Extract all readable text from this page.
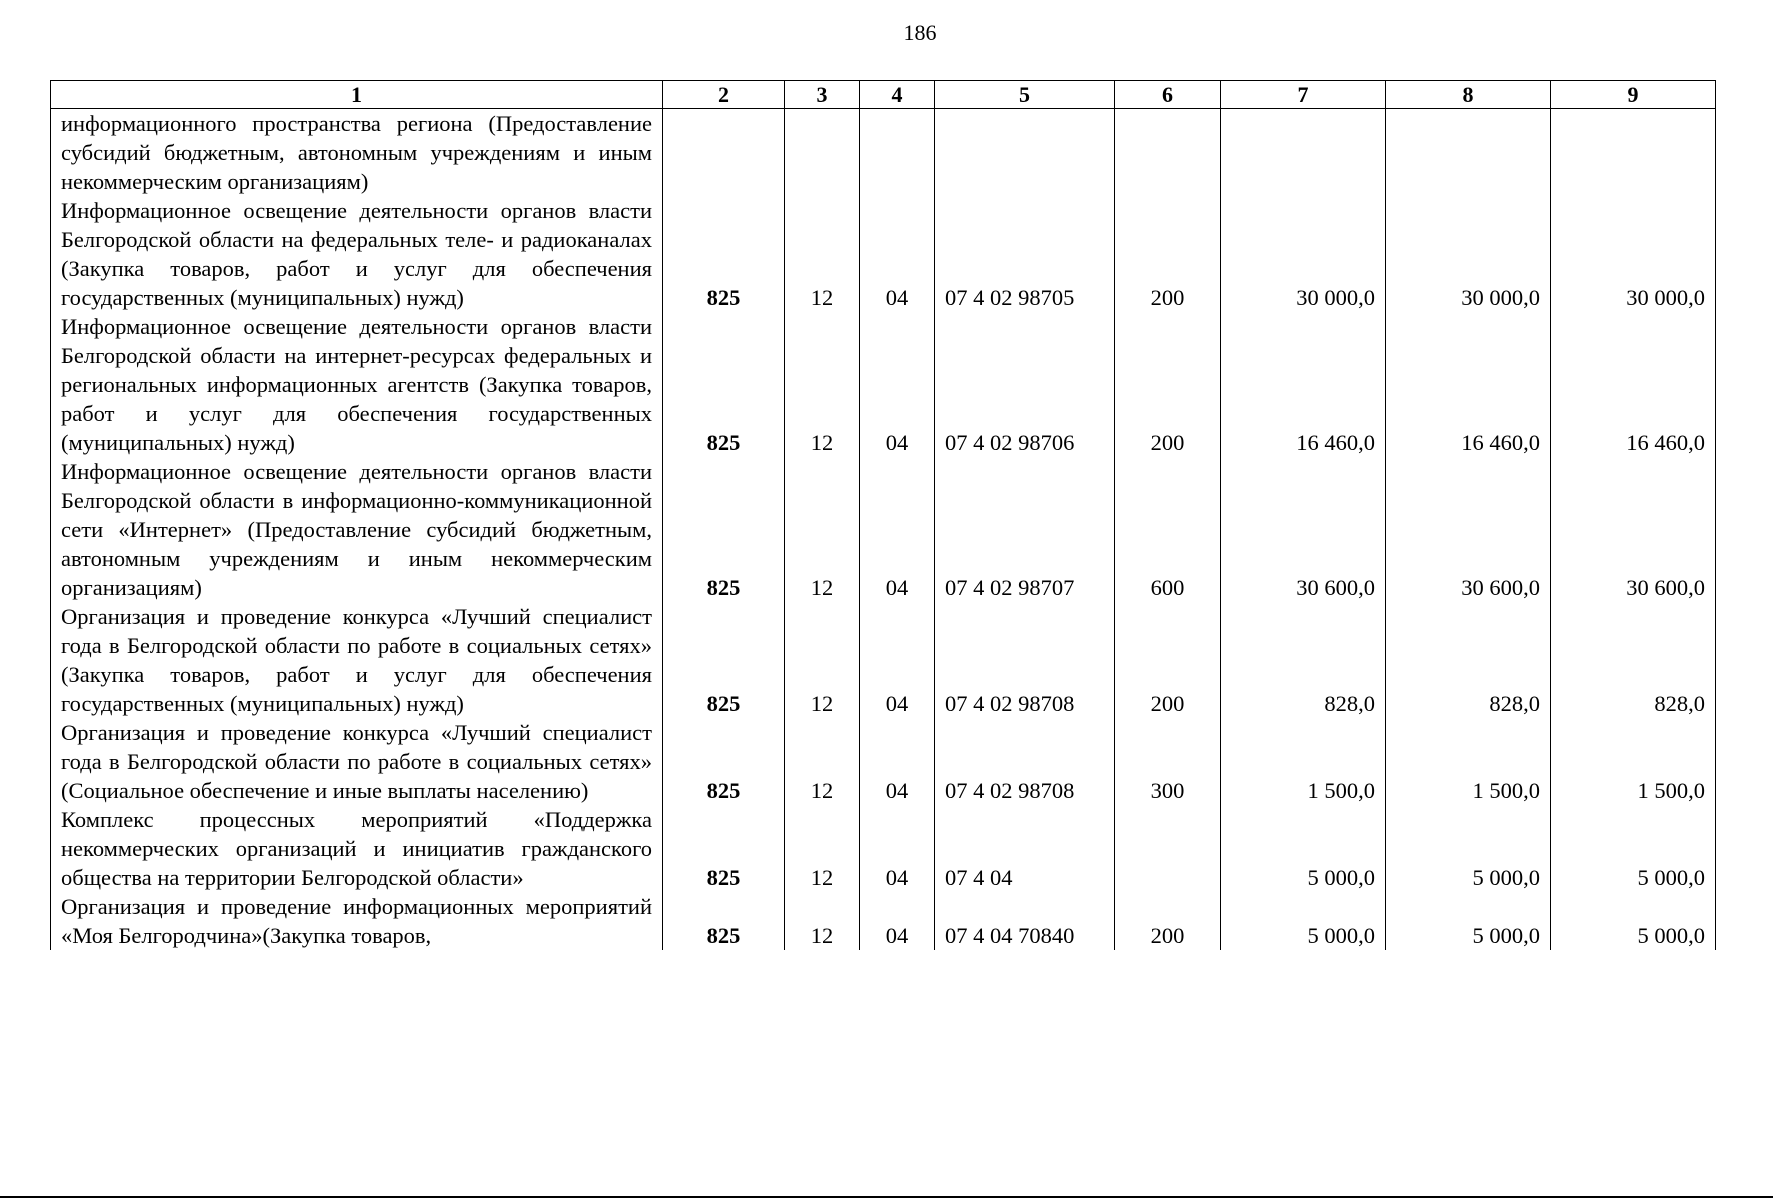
186
1	2	3	4	5	6	7	8	9
информационного пространства региона (Предоставление субсидий бюджетным, автономным учреждениям и иным некоммерческим организациям)								
Информационное освещение деятельности органов власти Белгородской области на федеральных теле- и радиоканалах (Закупка товаров, работ и услуг для обеспечения государственных (муниципальных) нужд)	825	12	04	07 4 02 98705	200	30 000,0	30 000,0	30 000,0
Информационное освещение деятельности органов власти Белгородской области на интернет-ресурсах федеральных и региональных информационных агентств (Закупка товаров, работ и услуг для обеспечения государственных (муниципальных) нужд)	825	12	04	07 4 02 98706	200	16 460,0	16 460,0	16 460,0
Информационное освещение деятельности органов власти Белгородской области в информационно-коммуникационной сети «Интернет» (Предоставление субсидий бюджетным, автономным учреждениям и иным некоммерческим организациям)	825	12	04	07 4 02 98707	600	30 600,0	30 600,0	30 600,0
Организация и проведение конкурса «Лучший специалист года в Белгородской области по работе в социальных сетях» (Закупка товаров, работ и услуг для обеспечения государственных (муниципальных) нужд)	825	12	04	07 4 02 98708	200	828,0	828,0	828,0
Организация и проведение конкурса «Лучший специалист года в Белгородской области по работе в социальных сетях» (Социальное обеспечение и иные выплаты населению)	825	12	04	07 4 02 98708	300	1 500,0	1 500,0	1 500,0
Комплекс процессных мероприятий «Поддержка некоммерческих организаций и инициатив гражданского общества на территории Белгородской области»	825	12	04	07 4 04		5 000,0	5 000,0	5 000,0
Организация и проведение информационных мероприятий «Моя Белгородчина»(Закупка товаров,	825	12	04	07 4 04 70840	200	5 000,0	5 000,0	5 000,0
